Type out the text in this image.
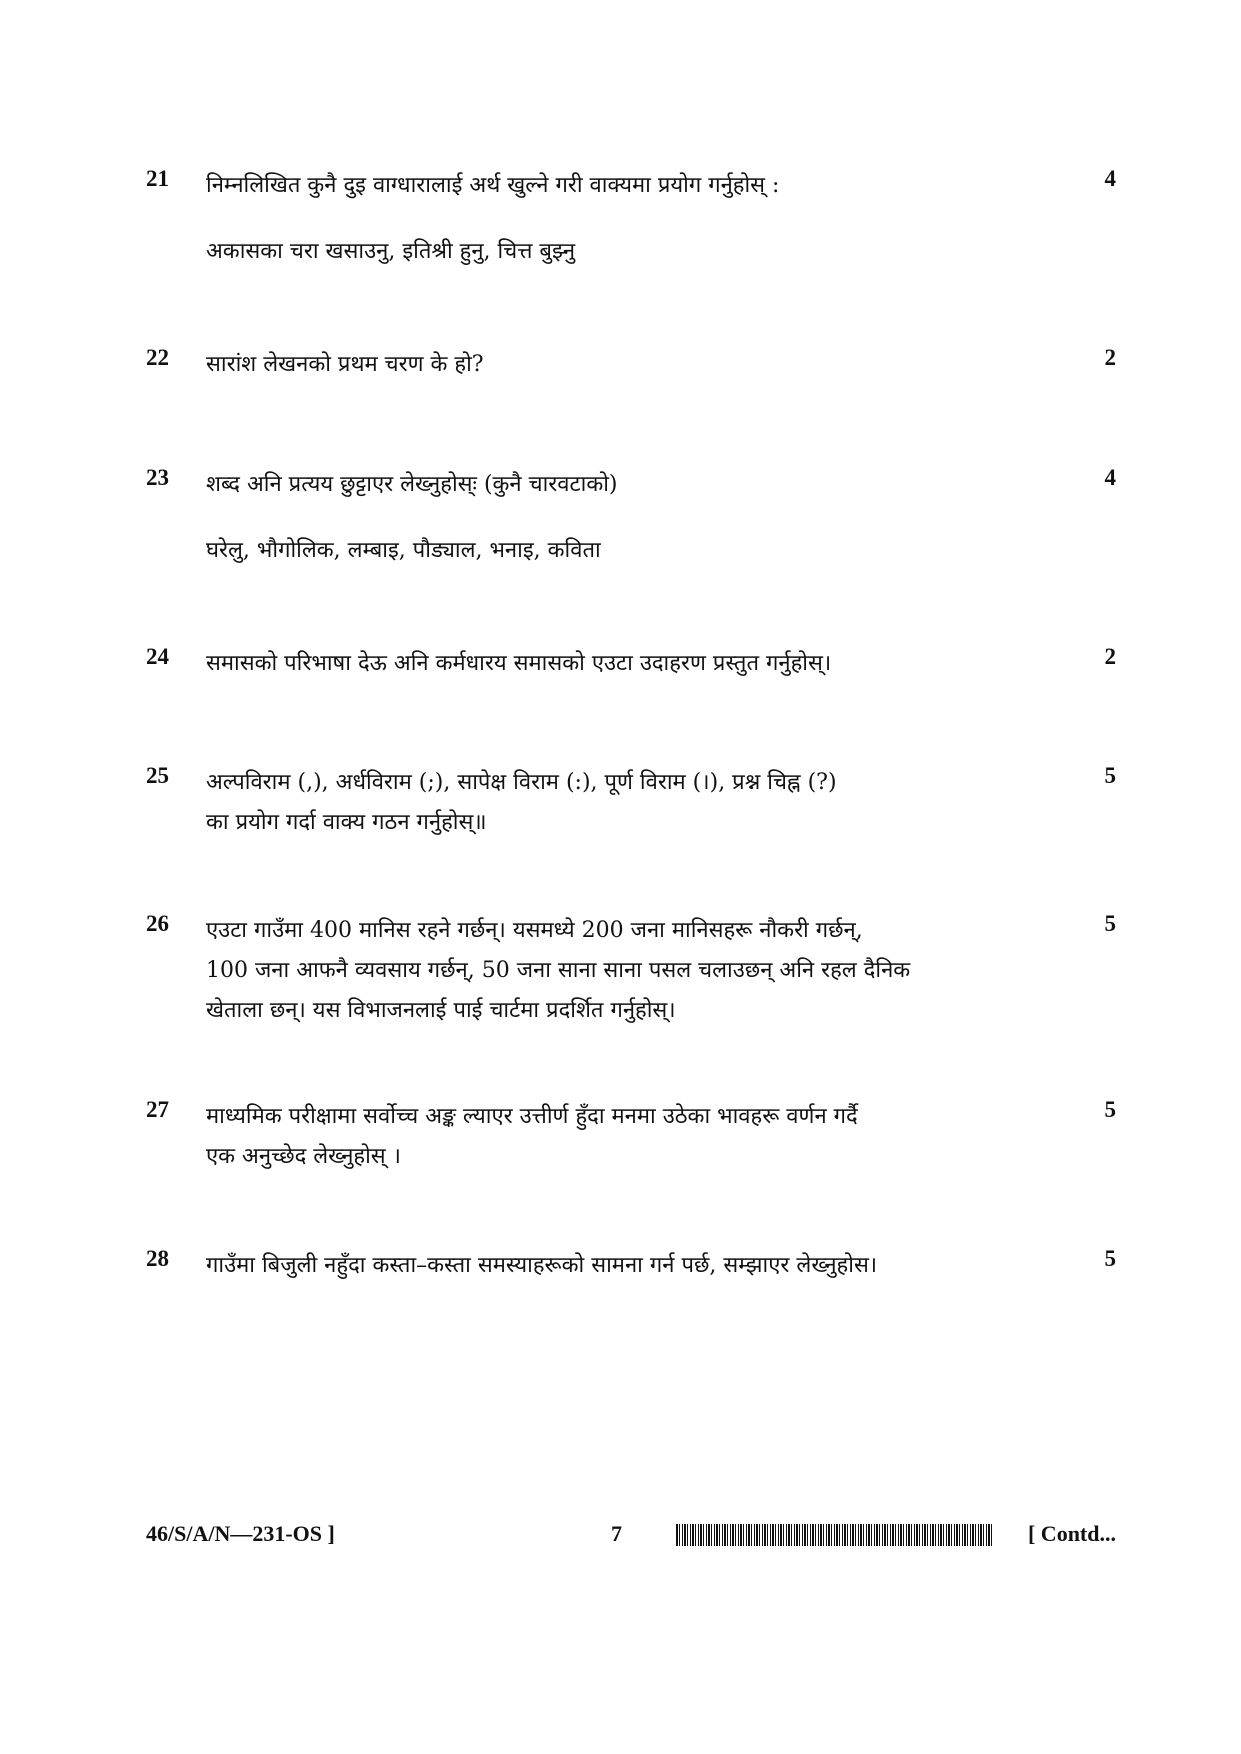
21 निम्नलिखित कुनै दुइ वाग्धारालाई अर्थ खुल्ने गरी वाक्यमा प्रयोग गर्नुहोस् :
अकासका चरा खसाउनु, इतिश्री हुनु, चित्त बुझ्नु
4
22 सारांश लेखनको प्रथम चरण के हो?	2
23 शब्द अनि प्रत्यय छुट्टाएर लेख्नुहोस्ः (कुनै चारवटाको)
घरेलु, भौगोलिक, लम्बाइ, पौड्याल, भनाइ, कविता
4
24 समासको परिभाषा देऊ अनि कर्मधारय समासको एउटा उदाहरण प्रस्तुत गर्नुहोस्।	2
25 अल्पविराम (,), अर्धविराम (;), सापेक्ष विराम (:), पूर्ण विराम (।), प्रश्न चिह्न (?)
का प्रयोग गर्दा वाक्य गठन गर्नुहोस्॥
5
26 एउटा गाउँमा 400 मानिस रहने गर्छन्। यसमध्ये 200 जना मानिसहरू नौकरी गर्छन्,
100 जना आफनै व्यवसाय गर्छन्, 50 जना साना साना पसल चलाउछन् अनि रहल दैनिक
खेताला छन्। यस विभाजनलाई पाई चार्टमा प्रदर्शित गर्नुहोस्।
5
27 माध्यमिक परीक्षामा सर्वोच्च अङ्क ल्याएर उत्तीर्ण हुँदा मनमा उठेका भावहरू वर्णन गर्दै
एक अनुच्छेद लेख्नुहोस् ।
5
28 गाउँमा बिजुली नहुँदा कस्ता–कस्ता समस्याहरूको सामना गर्न पर्छ, सम्झाएर लेख्नुहोस।	5
46/S/A/N—231-OS ]	7	[ Contd...
